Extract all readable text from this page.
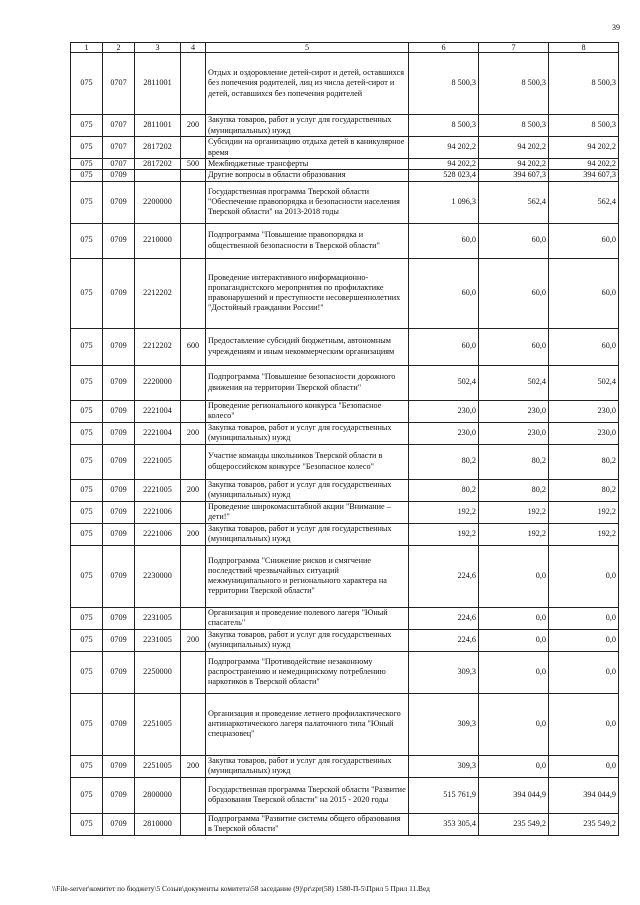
39
1	2	3	4	5	6	7	8
075	0707	2811001		Отдых и оздоровление детей-сирот и детей, оставшихся без попечения родителей, лиц из числа детей-сирот и детей, оставшихся без попечения родителей	8 500,3	8 500,3	8 500,3
075	0707	2811001	200	Закупка товаров, работ и услуг для государственных (муниципальных) нужд	8 500,3	8 500,3	8 500,3
075	0707	2817202		Субсидии на организацию отдыха детей в каникулярное время	94 202,2	94 202,2	94 202,2
075	0707	2817202	500	Межбюджетные трансферты	94 202,2	94 202,2	94 202,2
075	0709			Другие вопросы в области образования	528 023,4	394 607,3	394 607,3
075	0709	2200000		Государственная программа Тверской области "Обеспечение правопорядка и безопасности населения Тверской области" на 2013-2018 годы	1 096,3	562,4	562,4
075	0709	2210000		Подпрограмма "Повышение правопорядка и общественной безопасности в Тверской области"	60,0	60,0	60,0
075	0709	2212202		Проведение интерактивного информационно-пропагандистского мероприятия по профилактике правонарушений и преступности несовершеннолетних "Достойный граждании России!"	60,0	60,0	60,0
075	0709	2212202	600	Предоставление субсидий бюджетным, автономным учреждениям и иным некоммерческим организациям	60,0	60,0	60,0
075	0709	2220000		Подпрограмма "Повышение безопасности дорожного движения на территории Тверской области"	502,4	502,4	502,4
075	0709	2221004		Проведение регионального конкурса "Безопасное колесо"	230,0	230,0	230,0
075	0709	2221004	200	Закупка товаров, работ и услуг для государственных (муниципальных) нужд	230,0	230,0	230,0
075	0709	2221005		Участие команды школьников Тверской области в общероссийском конкурсе "Безопасное колесо"	80,2	80,2	80,2
075	0709	2221005	200	Закупка товаров, работ и услуг для государственных (муниципальных) нужд	80,2	80,2	80,2
075	0709	2221006		Проведение широкомасштабной акции "Внимание – дети!"	192,2	192,2	192,2
075	0709	2221006	200	Закупка товаров, работ и услуг для государственных (муниципальных) нужд	192,2	192,2	192,2
075	0709	2230000		Подпрограмма "Снижение рисков и смягчение последствий чрезвычайных ситуаций межмуниципального и регионального характера на территории Тверской области"	224,6	0,0	0,0
075	0709	2231005		Организация и проведение полевого лагеря "Юный спасатель"	224,6	0,0	0,0
075	0709	2231005	200	Закупка товаров, работ и услуг для государственных (муниципальных) нужд	224,6	0,0	0,0
075	0709	2250000		Подпрограмма "Противодействие незаконному распространению и немедицинскому потреблению наркотиков в Тверской области"	309,3	0,0	0,0
075	0709	2251005		Организация и проведение летнего профилактического антинаркотического лагеря палаточного типа "Юный спецназовец"	309,3	0,0	0,0
075	0709	2251005	200	Закупка товаров, работ и услуг для государственных (муниципальных) нужд	309,3	0,0	0,0
075	0709	2800000		Государственная программа Тверской области "Развитие образования Тверской области" на 2015 - 2020 годы	515 761,9	394 044,9	394 044,9
075	0709	2810000		Подпрограмма "Развитие системы общего образования в Тверской области"	353 305,4	235 549,2	235 549,2
\\File-server\комитет по бюджету\5 Созыв\документы комитета\58 заседание (9)\pr\zpr(58) 1580-П-5\Прил 5 Прил 11.Вед
